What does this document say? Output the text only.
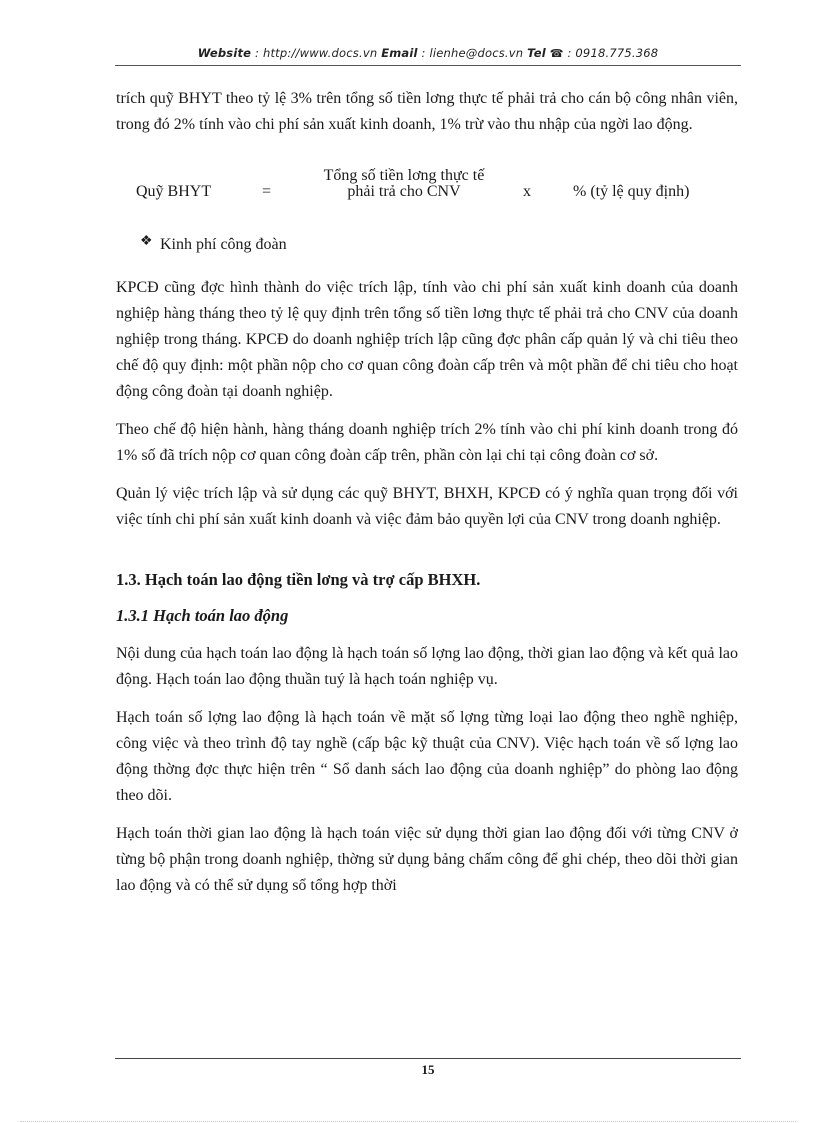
Website : http://www.docs.vn Email : lienhe@docs.vn Tel ☎ : 0918.775.368

trích quỹ BHYT theo tỷ lệ 3% trên tổng số tiền lơng thực tế phải trả cho cán bộ công nhân viên, trong đó 2% tính vào chi phí sản xuất kinh doanh, 1% trừ vào thu nhập của ngời lao động.

Quỹ BHYT	=
Tổng số tiền lơng thực tế
phải trả cho CNV	x	% (tỷ lệ quy định)
❖ Kinh phí công đoàn

KPCĐ cũng đợc hình thành do việc trích lập, tính vào chi phí sản xuất kinh doanh của doanh nghiệp hàng tháng theo tỷ lệ quy định trên tổng số tiền lơng thực tế phải trả cho CNV của doanh nghiệp trong tháng. KPCĐ do doanh nghiệp trích lập cũng đợc phân cấp quản lý và chi tiêu theo chế độ quy định: một phần nộp cho cơ quan công đoàn cấp trên và một phần để chi tiêu cho hoạt động công đoàn tại doanh nghiệp.

Theo chế độ hiện hành, hàng tháng doanh nghiệp trích 2% tính vào chi phí kinh doanh trong đó 1% số đã trích nộp cơ quan công đoàn cấp trên, phần còn lại chi tại công đoàn cơ sở.

Quản lý việc trích lập và sử dụng các quỹ BHYT, BHXH, KPCĐ có ý nghĩa quan trọng đối với việc tính chi phí sản xuất kinh doanh và việc đảm bảo quyền lợi của CNV trong doanh nghiệp.

1.3. Hạch toán lao động tiền lơng và trợ cấp BHXH.
1.3.1 Hạch toán lao động

Nội dung của hạch toán lao động là hạch toán số lợng lao động, thời gian lao động và kết quả lao động. Hạch toán lao động thuần tuý là hạch toán nghiệp vụ.

Hạch toán số lợng lao động là hạch toán về mặt số lợng từng loại lao động theo nghề nghiệp, công việc và theo trình độ tay nghề (cấp bậc kỹ thuật của CNV). Việc hạch toán về số lợng lao động thờng đợc thực hiện trên “ Sổ danh sách lao động của doanh nghiệp” do phòng lao động theo dõi.

Hạch toán thời gian lao động là hạch toán việc sử dụng thời gian lao động đối với từng CNV ở từng bộ phận trong doanh nghiệp, thờng sử dụng bảng chấm công để ghi chép, theo dõi thời gian lao động và có thể sử dụng sổ tổng hợp thời

15
